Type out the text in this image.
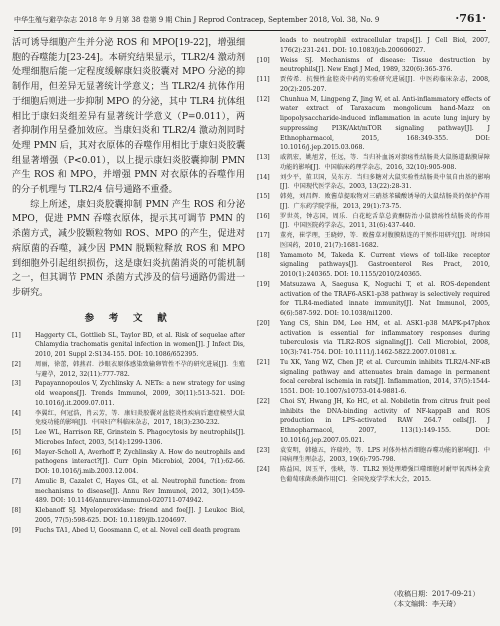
中华生殖与避孕杂志 2018 年 9 月第 38 卷第 9 期 Chin J Reprod Contracep, September 2018, Vol. 38, No. 9	·761·

活可诱导细胞产生并分泌 ROS 和 MPO[19-22]，增强细胞的吞噬能力[23-24]。本研究结果显示，TLR2/4 激动剂处理细胞后能一定程度缓解康妇炎胶囊对 MPO 分泌的抑制作用，但差异无显著统计学意义；当 TLR2/4 抗体作用于细胞后则进一步抑制 MPO 的分泌，其中 TLR4 抗体组相比于康妇炎组差异有显著统计学意义（P=0.011），两者抑制作用呈叠加效应。当康妇炎和 TLR2/4 激动剂同时处理 PMN 后，其对衣原体的吞噬作用相比于康妇炎胶囊组显著增强（P<0.01），以上提示康妇炎胶囊抑制 PMN 产生 ROS 和 MPO，并增强 PMN 对衣原体的吞噬作用的分子机理与 TLR2/4 信号通路不重叠。

综上所述，康妇炎胶囊抑制 PMN 产生 ROS 和分泌 MPO，促进 PMN 吞噬衣原体，提示其可调节 PMN 的杀菌方式，减少胶颗粒物如 ROS、MPO 的产生，促进对病原菌的吞噬，减少因 PMN 脱颗粒释放 ROS 和 MPO 到细胞外引起组织损伤，这是康妇炎抗菌消炎的可能机制之一，但其调节 PMN 杀菌方式涉及的信号通路仍需进一步研究。

参 考 文 献
[1]	Haggerty CL, Gottlieb SL, Taylor BD, et al. Risk of sequelae after Chlamydia trachomatis genital infection in women[J]. J Infect Dis, 2010, 201 Suppl 2:S134-155. DOI: 10.1086/652395.
[2]	周丽，徐蕾，韩燕君．沙眼衣原体感染致输卵管性不孕的研究进展[J]．生殖与避孕，2012, 32(11):777-782.
[3]	Papayannopoulos V, Zychlinsky A. NETs: a new strategy for using old weapons[J]. Trends Immunol, 2009, 30(11):513-521. DOI: 10.1016/j.it.2009.07.011.
[4]	李翼红，何冠浩，肖云芳，等．康妇炎胶囊对盆腔炎性疾病后遗症模型大鼠免疫功能的影响[J]．中国妇产科临床杂志，2017, 18(3):230-232.
[5]	Lee WL, Harrison RE, Grinstein S. Phagocytosis by neutrophils[J]. Microbes Infect, 2003, 5(14):1299-1306.
[6]	Mayer-Scholl A, Averhoff P, Zychlinsky A. How do neutrophils and pathogens interact?[J]. Curr Opin Microbiol, 2004, 7(1):62-66. DOI: 10.1016/j.mib.2003.12.004.
[7]	Amulic B, Cazalet C, Hayes GL, et al. Neutrophil function: from mechanisms to disease[J]. Annu Rev Immunol, 2012, 30(1):459-489. DOI: 10.1146/annurev-immunol-020711-074942.
[8]	Klebanoff SJ. Myeloperoxidase: friend and foe[J]. J Leukoc Biol, 2005, 77(5):598-625. DOI: 10.1189/jlb.1204697.
[9]	Fuchs TA1, Abed U, Goosmann C, et al. Novel cell death program
leads to neutrophil extracellular traps[J]. J Cell Biol, 2007, 176(2):231-241. DOI: 10.1083/jcb.200606027.
[10]	Weiss SJ. Mechanisms of disease: Tissue destruction by neutrophils[J]. New Engl J Med, 1989, 320(6):365-376.
[11]	贾传希．抗慢性盆腔炎中药的实验研究进展[J]．中医药临床杂志，2008, 20(2):205-207.
[12]	Chunhua M, Lingpeng Z, Jing W, et al. Anti-inflammatory effects of water extract of Taraxacum mongolicum hand-Mazz on lipopolysaccharide-induced inflammation in acute lung injury by suppressing PI3K/Akt/mTOR signaling pathway[J]. J Ethnopharmacol, 2015, 168:349-355. DOI: 10.1016/j.jep.2015.03.068.
[13]	戚凯宏，姚旭芳，任远，等．当归补血汤对溃疡性结肠炎大鼠肠道黏膜屏障功能的影响[J]．中国临床药理学杂志，2016, 32(10):905-908.
[14]	刘少平，董卫国，吴东方．当归多糖对大鼠实验性结肠炎中氧自由基的影响[J]．中国现代医学杂志，2003, 13(22):28-31.
[15]	韩苑，刘昌辉．败酱草提取物对三硝基苯磺酸诱导的大鼠结肠炎的保护作用[J]．广东药学院学报，2013, 29(1):73-75.
[16]	罗世英，钟志国，周乐．白花蛇舌草总黄酮防治小鼠溃疡性结肠炎的作用[J]．中国医院药学杂志，2011, 31(6):437-440.
[17]	董亮，崔学理，王晓婷，等．败酱草对腹膜粘连的干预作用研究[J]．时珍国医国药，2010, 21(7):1681-1682.
[18]	Yamamoto M, Takeda K. Current views of toll-like receptor signaling pathways[J]. Gastroenterol Res Pract, 2010, 2010(1):240365. DOI: 10.1155/2010/240365.
[19]	Matsuzawa A, Saegusa K, Noguchi T, et al. ROS-dependent activation of the TRAF6-ASK1-p38 pathway is selectively required for TLR4-mediated innate immunity[J]. Nat Immunol, 2005, 6(6):587-592. DOI: 10.1038/ni1200.
[20]	Yang CS, Shin DM, Lee HM, et al. ASK1-p38 MAPK-p47phox activation is essential for inflammatory responses during tuberculosis via TLR2-ROS signaling[J]. Cell Microbiol, 2008, 10(3):741-754. DOI: 10.1111/j.1462-5822.2007.01081.x.
[21]	Tu XK, Yang WZ, Chen JP, et al. Curcumin inhibits TLR2/4-NF-κB signaling pathway and attenuates brain damage in permanent focal cerebral ischemia in rats[J]. Inflammation, 2014, 37(5):1544-1551. DOI: 10.1007/s10753-014-9881-6.
[22]	Choi SY, Hwang JH, Ko HC, et al. Nobiletin from citrus fruit peel inhibits the DNA-binding activity of NF-kappaB and ROS production in LPS-activated RAW 264.7 cells[J]. J Ethnopharmacol, 2007, 113(1):149-155. DOI: 10.1016/j.jep.2007.05.021.
[23]	袁安明，韩德五，许瑞玲，等．LPS 对体外枯否细胞吞噬功能的影响[J]．中国病理生理杂志，2003, 19(6):795-798.
[24]	陈益国，因玉平，张峡，等．TLR2 预处理增强巨噬细胞对耐甲氧西林金黄色葡萄球菌杀菌作用[C]．全国免疫学学术大会，2015.
（收稿日期：2017-09-21）
（本文编辑：李天琦）
